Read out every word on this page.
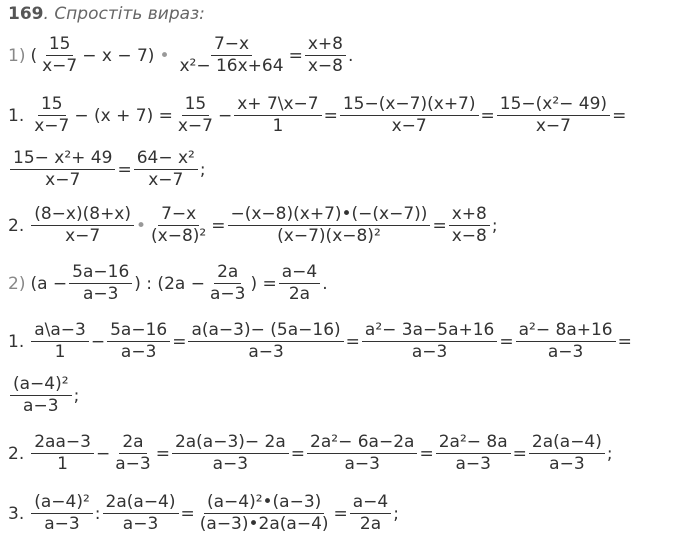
169 . Спростіть вираз:
1) ( $\frac{15}{x-7} - x - 7$) • $\frac{7-x}{\text{x²− 16x+64}} = \frac{x+8}{x-8}$ .
1. $\frac{15}{x-7} - (x + 7) = \frac{15}{x-7} - \frac{x+ 7\backslash x-7}{1} = \frac{15-(x-7)(x+7)}{x-7} = \frac{\text{15−(x²− 49)}}{x-7}$ =
$\frac{\text{15− x²+ 49}}{x-7} = \frac{\text{64− x²}}{x-7}$ ;
2. $\frac{(8-x)(8+x)}{x-7}$ • $\frac{7-x}{\text{(x−8)²}} = \frac{-(x-8)(x+7)•(-(x-7))}{\text{(x−7)(x−8)²}} = \frac{x+8}{x-8}$ ;
2) ($a - \frac{5a-16}{a-3}$ ) : ($2a - \frac{2a}{a-3}$ ) = $\frac{a-4}{2a}$ .
1. $\frac{a\backslash a-3}{1} - \frac{5a-16}{a-3} = \frac{a(a-3)- (5a-16)}{a-3} = \frac{\text{a²− 3a−5a+16}}{a-3} = \frac{\text{a²− 8a+16}}{a-3}$ =
$\frac{\text{(a−4)²}}{a-3}$ ;
2. $\frac{2aa-3}{1} - \frac{2a}{a-3} = \frac{2a(a-3)- 2a}{a-3} = \frac{\text{2a²− 6a−2a}}{a-3} = \frac{\text{2a²− 8a}}{a-3} = \frac{2a(a-4)}{a-3}$ ;
3. $\frac{\text{(a−4)²}}{a-3}$ : $\frac{2a(a-4)}{a-3} = \frac{\text{(a−4)²•(a−3)}}{(a-3)•2a(a-4)} = \frac{a-4}{2a}$ ;
